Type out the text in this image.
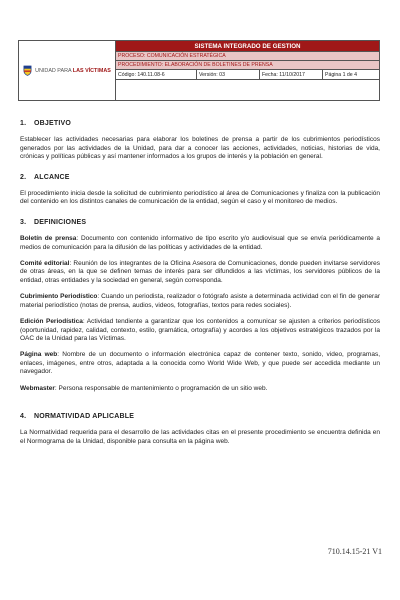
UNIDAD PARA LAS VÍCTIMAS
SISTEMA INTEGRADO DE GESTION
PROCESO: COMUNICACIÓN ESTRATÉGICA
PROCEDIMIENTO: ELABORACIÓN DE BOLETINES DE PRENSA
Código: 140.11.08-6	Versión: 03	Fecha: 11/10/2017	Página 1 de 4
1. OBJETIVO

Establecer las actividades necesarias para elaborar los boletines de prensa a partir de los cubrimientos periodísticos generados por las actividades de la Unidad, para dar a conocer las acciones, actividades, noticias, historias de vida, crónicas y políticas públicas y así mantener informados a los grupos de interés y la población en general.

2. ALCANCE

El procedimiento inicia desde la solicitud de cubrimiento periodístico al área de Comunicaciones y finaliza con la publicación del contenido en los distintos canales de comunicación de la entidad, según el caso y el monitoreo de medios.

3. DEFINICIONES

Boletín de prensa: Documento con contenido informativo de tipo escrito y/o audiovisual que se envía periódicamente a medios de comunicación para la difusión de las políticas y actividades de la entidad.

Comité editorial: Reunión de los integrantes de la Oficina Asesora de Comunicaciones, donde pueden invitarse servidores de otras áreas, en la que se definen temas de interés para ser difundidos a las víctimas, los servidores públicos de la entidad, otras entidades y la sociedad en general, según corresponda.

Cubrimiento Periodístico: Cuando un periodista, realizador o fotógrafo asiste a determinada actividad con el fin de generar material periodístico (notas de prensa, audios, videos, fotografías, textos para redes sociales).

Edición Periodística: Actividad tendiente a garantizar que los contenidos a comunicar se ajusten a criterios periodísticos (oportunidad, rapidez, calidad, contexto, estilo, gramática, ortografía) y acordes a los objetivos estratégicos trazados por la OAC de la Unidad para las Víctimas.

Página web: Nombre de un documento o información electrónica capaz de contener texto, sonido, video, programas, enlaces, imágenes, entre otros, adaptada a la conocida como World Wide Web, y que puede ser accedida mediante un navegador.

Webmaster: Persona responsable de mantenimiento o programación de un sitio web.

4. NORMATIVIDAD APLICABLE

La Normatividad requerida para el desarrollo de las actividades citas en el presente procedimiento se encuentra definida en el Normograma de la Unidad, disponible para consulta en la página web.

710.14.15-21 V1
